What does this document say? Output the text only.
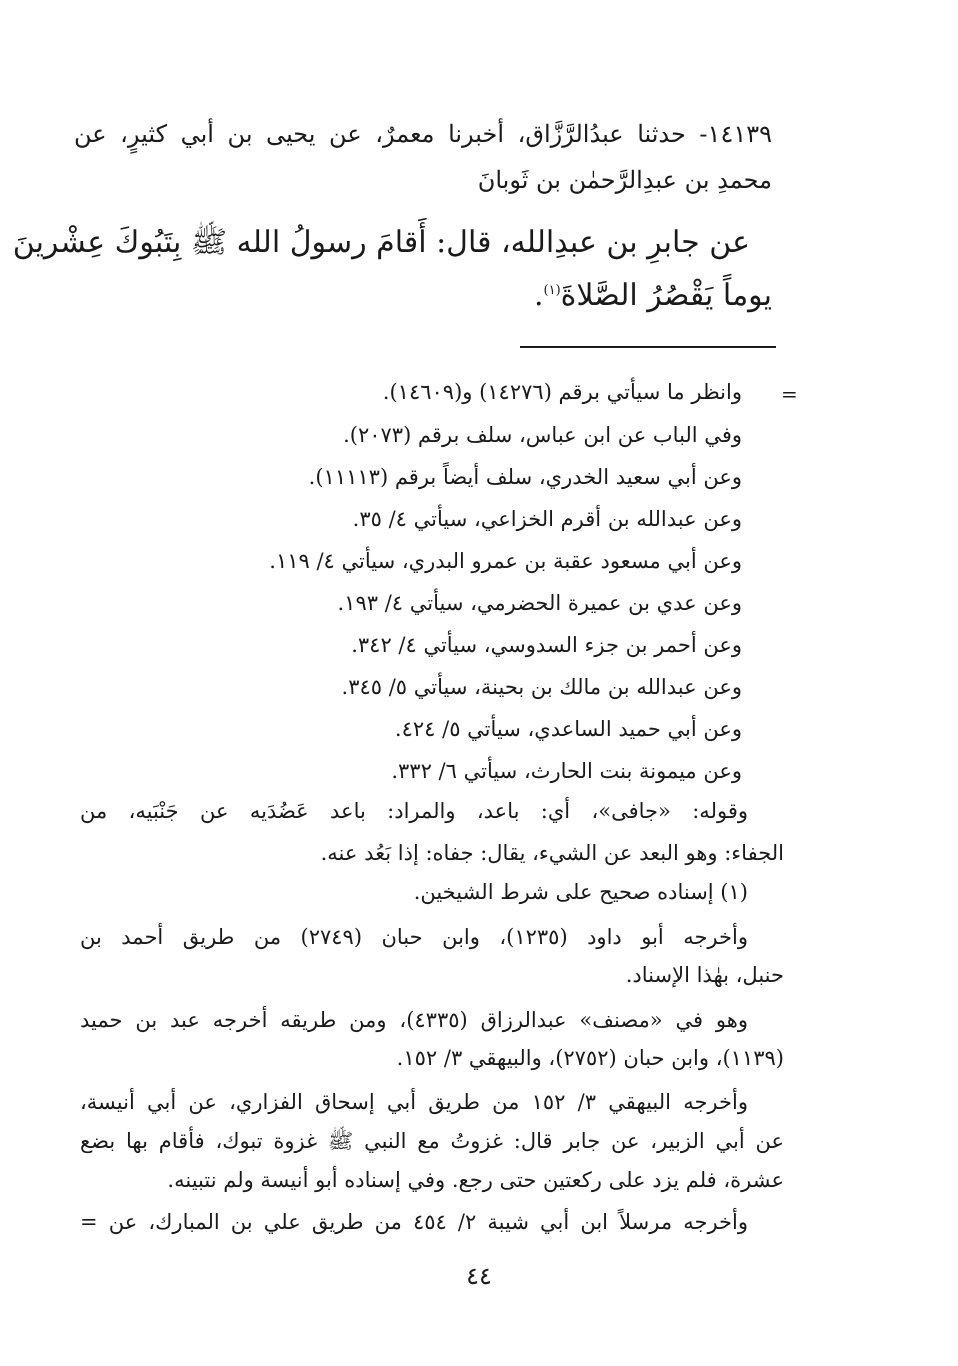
١٤١٣٩- حدثنا عبدُالرَّزَّاق، أخبرنا معمرٌ، عن يحيى بن أبي كثيرٍ، عن
محمدِ بن عبدِالرَّحمٰن بن ثَوبانَ
عن جابرِ بن عبدِالله، قال: أَقامَ رسولُ الله ﷺ بِتَبُوكَ عِشْرينَ
يوماً يَقْصُرُ الصَّلاةَ$^{(١)}$.
=
وانظر ما سيأتي برقم (١٤٢٧٦) و(١٤٦٠٩).
وفي الباب عن ابن عباس، سلف برقم (٢٠٧٣).
وعن أبي سعيد الخدري، سلف أيضاً برقم (١١١١٣).
وعن عبدالله بن أقرم الخزاعي، سيأتي ٤/ ٣٥.
وعن أبي مسعود عقبة بن عمرو البدري، سيأتي ٤/ ١١٩.
وعن عدي بن عميرة الحضرمي، سيأتي ٤/ ١٩٣.
وعن أحمر بن جزء السدوسي، سيأتي ٤/ ٣٤٢.
وعن عبدالله بن مالك بن بحينة، سيأتي ٥/ ٣٤٥.
وعن أبي حميد الساعدي، سيأتي ٥/ ٤٢٤.
وعن ميمونة بنت الحارث، سيأتي ٦/ ٣٣٢.
وقوله: «جافى»، أي: باعد، والمراد: باعد عَضُدَيه عن جَنْبَيه، من
الجفاء: وهو البعد عن الشيء، يقال: جفاه: إذا بَعُد عنه.
(١) إسناده صحيح على شرط الشيخين.
وأخرجه أبو داود (١٢٣٥)، وابن حبان (٢٧٤٩) من طريق أحمد بن
حنبل، بهٰذا الإسناد.
وهو في «مصنف» عبدالرزاق (٤٣٣٥)، ومن طريقه أخرجه عبد بن حميد
(١١٣٩)، وابن حبان (٢٧٥٢)، والبيهقي ٣/ ١٥٢.
وأخرجه البيهقي ٣/ ١٥٢ من طريق أبي إسحاق الفزاري، عن أبي أنيسة،
عن أبي الزبير، عن جابر قال: غزوتُ مع النبي ﷺ غزوة تبوك، فأقام بها بضع
عشرة، فلم يزد على ركعتين حتى رجع. وفي إسناده أبو أنيسة ولم نتبينه.
وأخرجه مرسلاً ابن أبي شيبة ٢/ ٤٥٤ من طريق علي بن المبارك، عن =
٤٤
